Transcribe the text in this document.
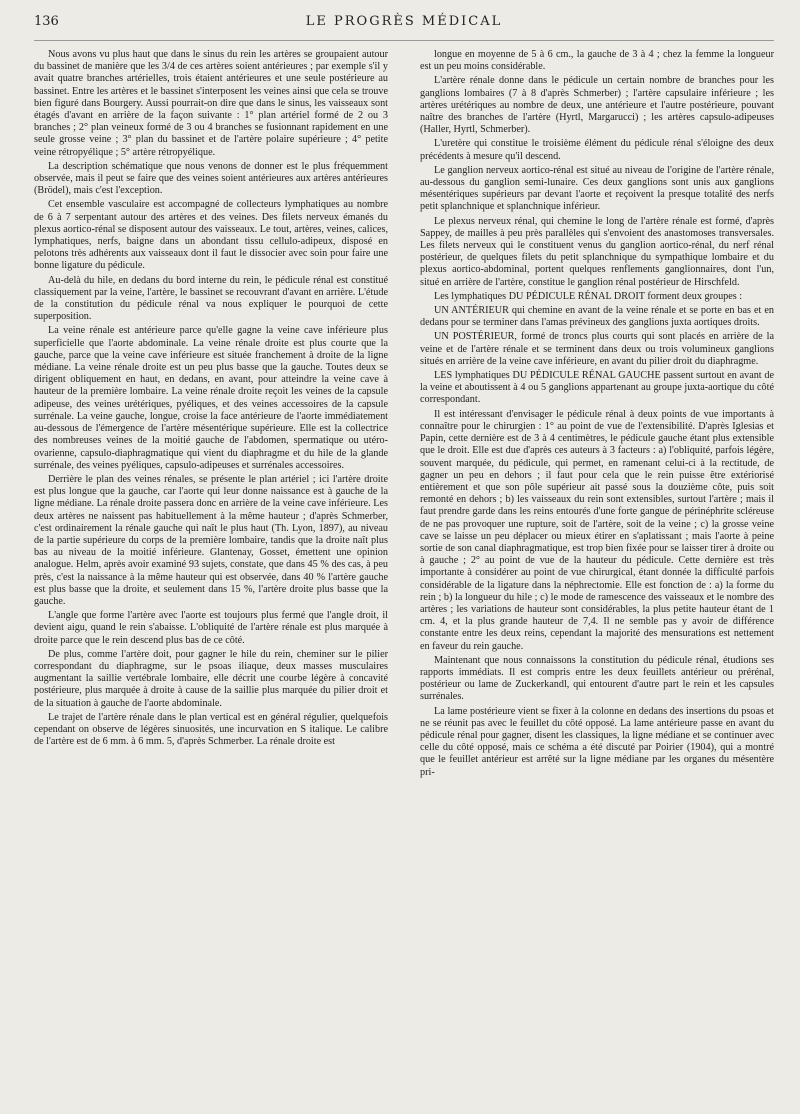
136	LE PROGRÈS MÉDICAL

Nous avons vu plus haut que dans le sinus du rein les artères se groupaient autour du bassinet de manière que les 3/4 de ces artères soient antérieures ; par exemple s'il y avait quatre branches artérielles, trois étaient antérieures et une seule postérieure au bassinet. Entre les artères et le bassinet s'interposent les veines ainsi que cela se trouve bien figuré dans Bourgery. Aussi pourrait-on dire que dans le sinus, les vaisseaux sont étagés d'avant en arrière de la façon suivante : 1° plan artériel formé de 2 ou 3 branches ; 2° plan veineux formé de 3 ou 4 branches se fusionnant rapidement en une seule grosse veine ; 3° plan du bassinet et de l'artère polaire supérieure ; 4° petite veine rétropyélique ; 5° artère rétropyélique.

La description schématique que nous venons de donner est le plus fréquemment observée, mais il peut se faire que des veines soient antérieures aux artères antérieures (Brödel), mais c'est l'exception.

Cet ensemble vasculaire est accompagné de collecteurs lymphatiques au nombre de 6 à 7 serpentant autour des artères et des veines. Des filets nerveux émanés du plexus aortico-rénal se disposent autour des vaisseaux. Le tout, artères, veines, calices, lymphatiques, nerfs, baigne dans un abondant tissu cellulo-adipeux, disposé en pelotons très adhérents aux vaisseaux dont il faut le dissocier avec soin pour faire une bonne ligature du pédicule.

Au-delà du hile, en dedans du bord interne du rein, le pédicule rénal est constitué classiquement par la veine, l'artère, le bassinet se recouvrant d'avant en arrière. L'étude de la constitution du pédicule rénal va nous expliquer le pourquoi de cette superposition.

La veine rénale est antérieure parce qu'elle gagne la veine cave inférieure plus superficielle que l'aorte abdominale. La veine rénale droite est plus courte que la gauche, parce que la veine cave inférieure est située franchement à droite de la ligne médiane. La veine rénale droite est un peu plus basse que la gauche. Toutes deux se dirigent obliquement en haut, en dedans, en avant, pour atteindre la veine cave à hauteur de la première lombaire. La veine rénale droite reçoit les veines de la capsule adipeuse, des veines urétériques, pyéliques, et des veines accessoires de la capsule surrénale. La veine gauche, longue, croise la face antérieure de l'aorte immédiatement au-dessous de l'émergence de l'artère mésentérique supérieure. Elle est la collectrice des nombreuses veines de la moitié gauche de l'abdomen, spermatique ou utéro-ovarienne, capsulo-diaphragmatique qui vient du diaphragme et du hile de la glande surrénale, des veines pyéliques, capsulo-adipeuses et surrénales accessoires.

Derrière le plan des veines rénales, se présente le plan artériel ; ici l'artère droite est plus longue que la gauche, car l'aorte qui leur donne naissance est à gauche de la ligne médiane. La rénale droite passera donc en arrière de la veine cave inférieure. Les deux artères ne naissent pas habituellement à la même hauteur ; d'après Schmerber, c'est ordinairement la rénale gauche qui naît le plus haut (Th. Lyon, 1897), au niveau de la partie supérieure du corps de la première lombaire, tandis que la droite naît plus bas au niveau de la moitié inférieure. Glantenay, Gosset, émettent une opinion analogue. Helm, après avoir examiné 93 sujets, constate, que dans 45 % des cas, à peu près, c'est la naissance à la même hauteur qui est observée, dans 40 % l'artère gauche est plus basse que la droite, et seulement dans 15 %, l'artère droite plus basse que la gauche.

L'angle que forme l'artère avec l'aorte est toujours plus fermé que l'angle droit, il devient aigu, quand le rein s'abaisse. L'obliquité de l'artère rénale est plus marquée à droite parce que le rein descend plus bas de ce côté.

De plus, comme l'artère doit, pour gagner le hile du rein, cheminer sur le pilier correspondant du diaphragme, sur le psoas iliaque, deux masses musculaires augmentant la saillie vertébrale lombaire, elle décrit une courbe légère à concavité postérieure, plus marquée à droite à cause de la saillie plus marquée du pilier droit et de la situation à gauche de l'aorte abdominale.

Le trajet de l'artère rénale dans le plan vertical est en général régulier, quelquefois cependant on observe de légères sinuosités, une incurvation en S italique. Le calibre de l'artère est de 6 mm. à 6 mm. 5, d'après Schmerber. La rénale droite est

longue en moyenne de 5 à 6 cm., la gauche de 3 à 4 ; chez la femme la longueur est un peu moins considérable.

L'artère rénale donne dans le pédicule un certain nombre de branches pour les ganglions lombaires (7 à 8 d'après Schmerber) ; l'artère capsulaire inférieure ; les artères urétériques au nombre de deux, une antérieure et l'autre postérieure, pouvant naître des branches de l'artère (Hyrtl, Margarucci) ; les artères capsulo-adipeuses (Haller, Hyrtl, Schmerber).

L'uretère qui constitue le troisième élément du pédicule rénal s'éloigne des deux précédents à mesure qu'il descend.

Le ganglion nerveux aortico-rénal est situé au niveau de l'origine de l'artère rénale, au-dessous du ganglion semi-lunaire. Ces deux ganglions sont unis aux ganglions mésentériques supérieurs par devant l'aorte et reçoivent la presque totalité des nerfs petit splanchnique et splanchnique inférieur.

Le plexus nerveux rénal, qui chemine le long de l'artère rénale est formé, d'après Sappey, de mailles à peu près parallèles qui s'envoient des anastomoses transversales. Les filets nerveux qui le constituent venus du ganglion aortico-rénal, du nerf rénal postérieur, de quelques filets du petit splanchnique du sympathique lombaire et du plexus aortico-abdominal, portent quelques renflements ganglionnaires, dont l'un, situé en arrière de l'artère, constitue le ganglion rénal postérieur de Hirschfeld.

Les lymphatiques DU PÉDICULE RÉNAL DROIT forment deux groupes :

UN ANTÉRIEUR qui chemine en avant de la veine rénale et se porte en bas et en dedans pour se terminer dans l'amas prévineux des ganglions juxta aortiques droits.

UN POSTÉRIEUR, formé de troncs plus courts qui sont placés en arrière de la veine et de l'artère rénale et se terminent dans deux ou trois volumineux ganglions situés en arrière de la veine cave inférieure, en avant du pilier droit du diaphragme.

LES lymphatiques DU PÉDICULE RÉNAL GAUCHE passent surtout en avant de la veine et aboutissent à 4 ou 5 ganglions appartenant au groupe juxta-aortique du côté correspondant.

Il est intéressant d'envisager le pédicule rénal à deux points de vue importants à connaître pour le chirurgien : 1° au point de vue de l'extensibilité. D'après Iglesias et Papin, cette dernière est de 3 à 4 centimètres, le pédicule gauche étant plus extensible que le droit. Elle est due d'après ces auteurs à 3 facteurs : a) l'obliquité, parfois légère, souvent marquée, du pédicule, qui permet, en ramenant celui-ci à la rectitude, de gagner un peu en dehors ; il faut pour cela que le rein puisse être extériorisé entièrement et que son pôle supérieur ait passé sous la douzième côte, puis soit remonté en dehors ; b) les vaisseaux du rein sont extensibles, surtout l'artère ; mais il faut prendre garde dans les reins entourés d'une forte gangue de périnéphrite scléreuse de ne pas provoquer une rupture, soit de l'artère, soit de la veine ; c) la grosse veine cave se laisse un peu déplacer ou mieux étirer en s'aplatissant ; mais l'aorte à peine sortie de son canal diaphragmatique, est trop bien fixée pour se laisser tirer à droite ou à gauche ; 2° au point de vue de la hauteur du pédicule. Cette dernière est très importante à considérer au point de vue chirurgical, étant donnée la difficulté parfois considérable de la ligature dans la néphrectomie. Elle est fonction de : a) la forme du rein ; b) la longueur du hile ; c) le mode de ramescence des vaisseaux et le nombre des artères ; les variations de hauteur sont considérables, la plus petite hauteur étant de 1 cm. 4, et la plus grande hauteur de 7,4. Il ne semble pas y avoir de différence constante entre les deux reins, cependant la majorité des mensurations est nettement en faveur du rein gauche.

Maintenant que nous connaissons la constitution du pédicule rénal, étudions ses rapports immédiats. Il est compris entre les deux feuillets antérieur ou prérénal, postérieur ou lame de Zuckerkandl, qui entourent d'autre part le rein et les capsules surrénales.

La lame postérieure vient se fixer à la colonne en dedans des insertions du psoas et ne se réunit pas avec le feuillet du côté opposé. La lame antérieure passe en avant du pédicule rénal pour gagner, disent les classiques, la ligne médiane et se continuer avec celle du côté opposé, mais ce schéma a été discuté par Poirier (1904), qui a montré que le feuillet antérieur est arrêté sur la ligne médiane par les organes du mésentère pri-
